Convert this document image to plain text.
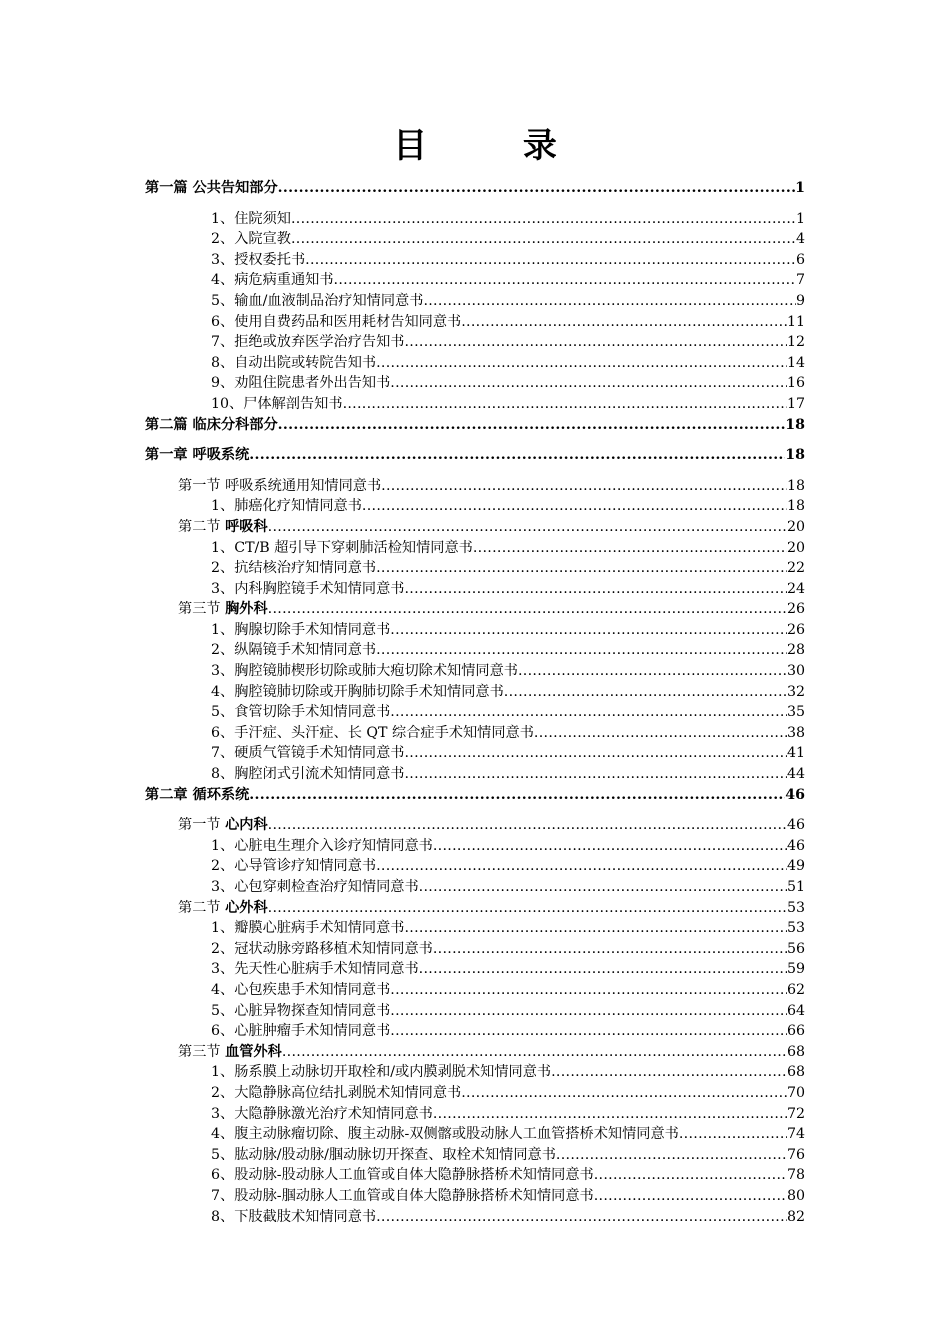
目 录
第一篇 公共告知部分 .....	1
1、住院须知 .....	1
2、入院宣教 .....	4
3、授权委托书 .....	6
4、病危病重通知书 .....	7
5、输血/血液制品治疗知情同意书 .....	9
6、使用自费药品和医用耗材告知同意书 .....	11
7、拒绝或放弃医学治疗告知书 .....	12
8、自动出院或转院告知书 .....	14
9、劝阻住院患者外出告知书 .....	16
10、尸体解剖告知书 .....	17
第二篇 临床分科部分 .....	18
第一章 呼吸系统 .....	18
第一节 呼吸系统通用知情同意书 .....	18
1、肺癌化疗知情同意书 .....	18
第二节 呼吸科 .....	20
1、CT/B 超引导下穿刺肺活检知情同意书 .....	20
2、抗结核治疗知情同意书 .....	22
3、内科胸腔镜手术知情同意书 .....	24
第三节 胸外科 .....	26
1、胸腺切除手术知情同意书 .....	26
2、纵隔镜手术知情同意书 .....	28
3、胸腔镜肺楔形切除或肺大疱切除术知情同意书 .....	30
4、胸腔镜肺切除或开胸肺切除手术知情同意书 .....	32
5、食管切除手术知情同意书 .....	35
6、手汗症、头汗症、长 QT 综合症手术知情同意书 .....	38
7、硬质气管镜手术知情同意书 .....	41
8、胸腔闭式引流术知情同意书 .....	44
第二章 循环系统 .....	46
第一节 心内科 .....	46
1、心脏电生理介入诊疗知情同意书 .....	46
2、心导管诊疗知情同意书 .....	49
3、心包穿刺检查治疗知情同意书 .....	51
第二节 心外科 .....	53
1、瓣膜心脏病手术知情同意书 .....	53
2、冠状动脉旁路移植术知情同意书 .....	56
3、先天性心脏病手术知情同意书 .....	59
4、心包疾患手术知情同意书 .....	62
5、心脏异物探查知情同意书 .....	64
6、心脏肿瘤手术知情同意书 .....	66
第三节 血管外科 .....	68
1、肠系膜上动脉切开取栓和/或内膜剥脱术知情同意书 .....	68
2、大隐静脉高位结扎剥脱术知情同意书 .....	70
3、大隐静脉激光治疗术知情同意书 .....	72
4、腹主动脉瘤切除、腹主动脉-双侧髂或股动脉人工血管搭桥术知情同意书 .....	74
5、肱动脉/股动脉/腘动脉切开探查、取栓术知情同意书 .....	76
6、股动脉-股动脉人工血管或自体大隐静脉搭桥术知情同意书 .....	78
7、股动脉-腘动脉人工血管或自体大隐静脉搭桥术知情同意书 .....	80
8、下肢截肢术知情同意书 .....	82
